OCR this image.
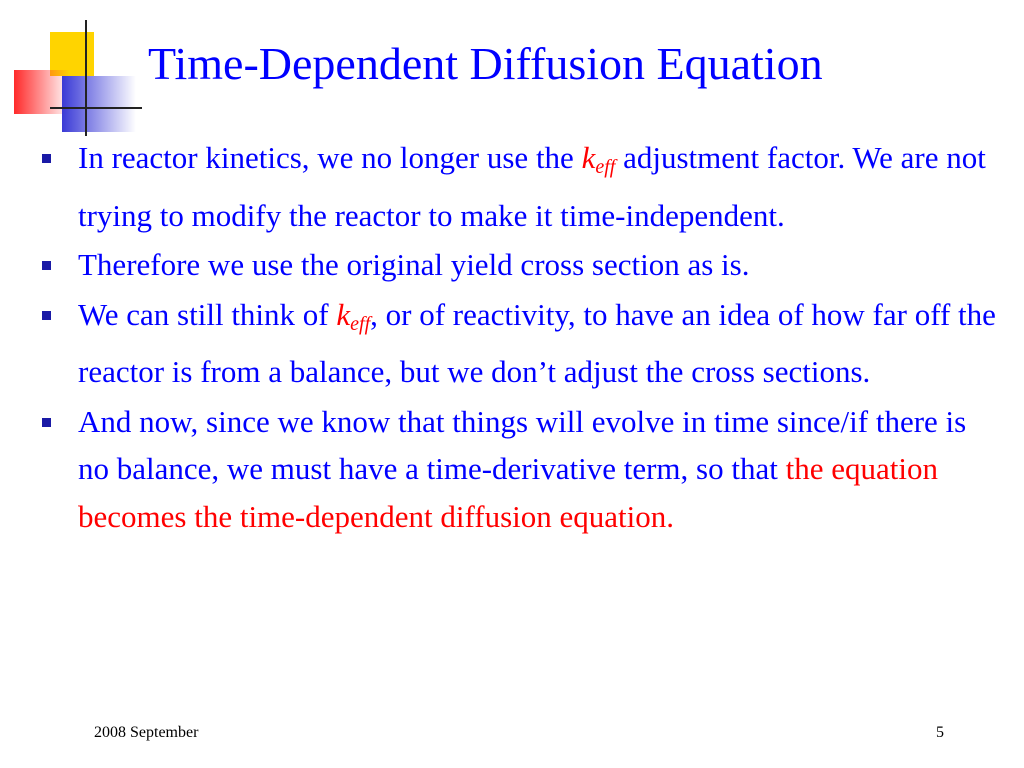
Time-Dependent Diffusion Equation
In reactor kinetics, we no longer use the $k_{eff}$ adjustment factor. We are not trying to modify the reactor to make it time-independent.
Therefore we use the original yield cross section as is.
We can still think of $k_{eff}$, or of reactivity, to have an idea of how far off the reactor is from a balance, but we don’t adjust the cross sections.
And now, since we know that things will evolve in time since/if there is no balance, we must have a time-derivative term, so that the equation becomes the time-dependent diffusion equation.
2008 September	5
